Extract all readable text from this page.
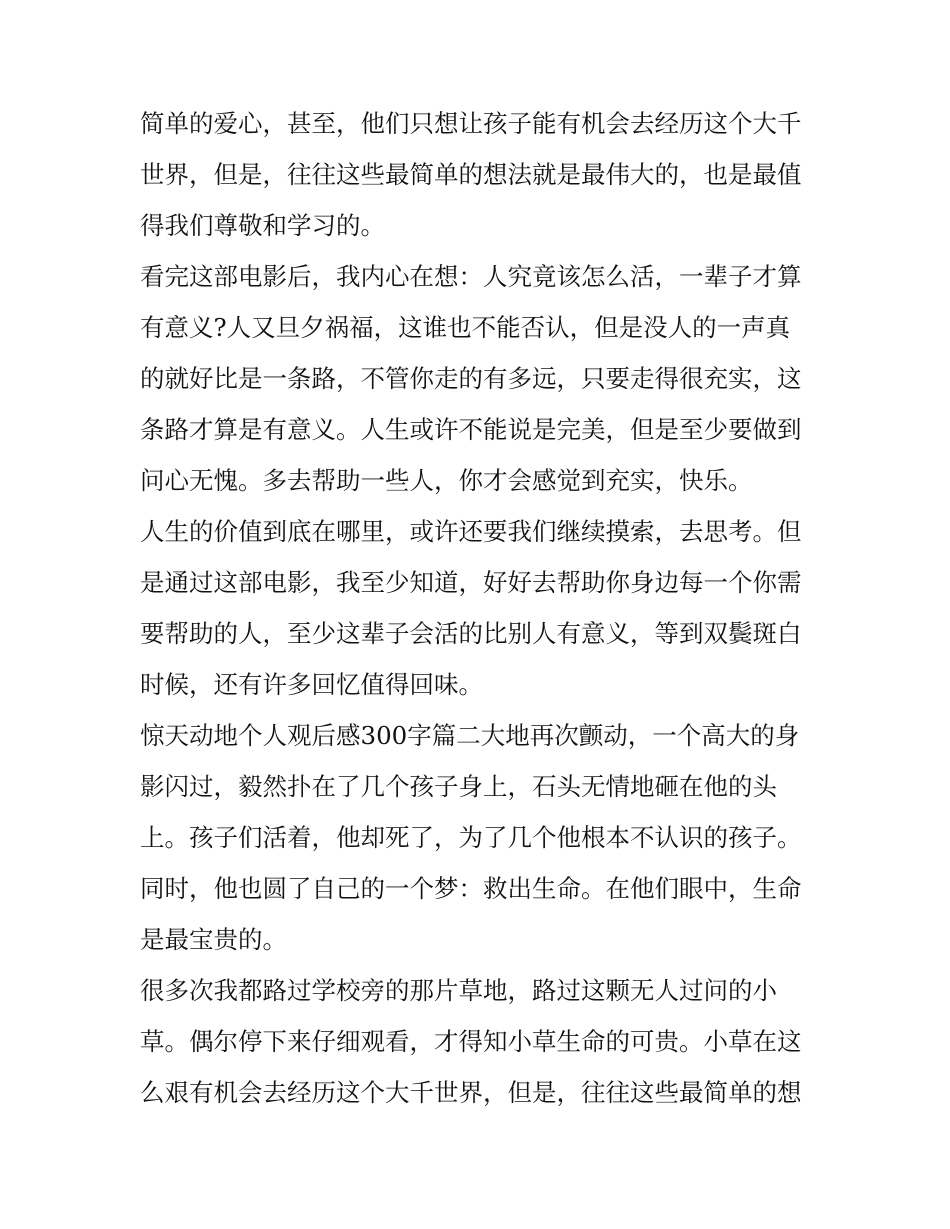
简单的爱心，甚至，他们只想让孩子能有机会去经历这个大千
世界，但是，往往这些最简单的想法就是最伟大的，也是最值
得我们尊敬和学习的。
看完这部电影后，我内心在想：人究竟该怎么活，一辈子才算
有意义?人又旦夕祸福，这谁也不能否认，但是没人的一声真
的就好比是一条路，不管你走的有多远，只要走得很充实，这
条路才算是有意义。人生或许不能说是完美，但是至少要做到
问心无愧。多去帮助一些人，你才会感觉到充实，快乐。
人生的价值到底在哪里，或许还要我们继续摸索，去思考。但
是通过这部电影，我至少知道，好好去帮助你身边每一个你需
要帮助的人，至少这辈子会活的比别人有意义，等到双鬓斑白
时候，还有许多回忆值得回味。
惊天动地个人观后感300字篇二大地再次颤动，一个高大的身
影闪过，毅然扑在了几个孩子身上，石头无情地砸在他的头
上。孩子们活着，他却死了，为了几个他根本不认识的孩子。
同时，他也圆了自己的一个梦：救出生命。在他们眼中，生命
是最宝贵的。
很多次我都路过学校旁的那片草地，路过这颗无人过问的小
草。偶尔停下来仔细观看，才得知小草生命的可贵。小草在这
么艰有机会去经历这个大千世界，但是，往往这些最简单的想
